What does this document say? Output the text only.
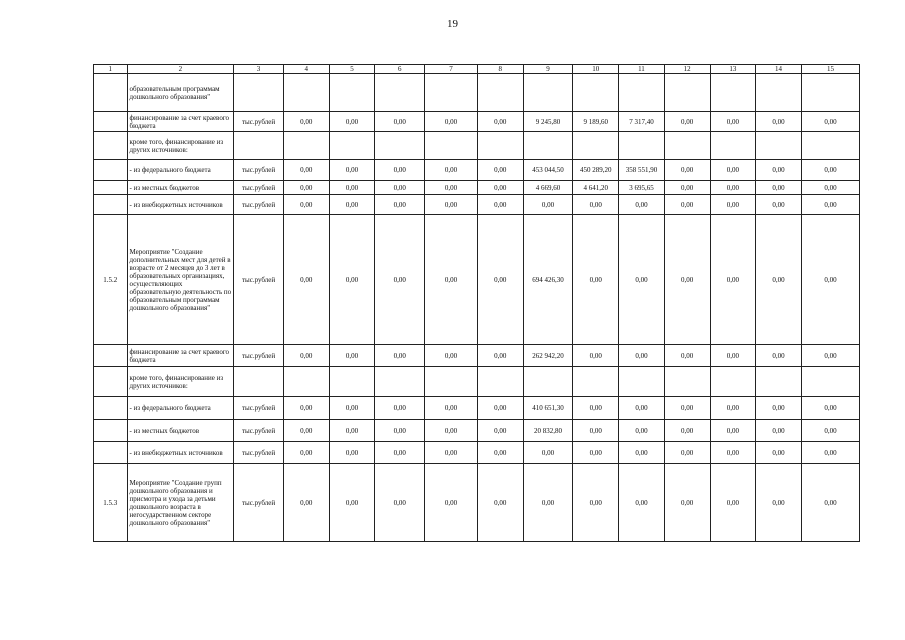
19
1	2	3	4	5	6	7	8	9	10	11	12	13	14	15
	образовательным программам дошкольного образования"													
	финансирование за счет краевого бюджета	тыс.рублей	0,00	0,00	0,00	0,00	0,00	9 245,80	9 189,60	7 317,40	0,00	0,00	0,00	0,00
	кроме того, финансирование из других источников:													
	- из федерального бюджета	тыс.рублей	0,00	0,00	0,00	0,00	0,00	453 044,50	450 289,20	358 551,90	0,00	0,00	0,00	0,00
	- из местных бюджетов	тыс.рублей	0,00	0,00	0,00	0,00	0,00	4 669,60	4 641,20	3 695,65	0,00	0,00	0,00	0,00
	- из внебюджетных источников	тыс.рублей	0,00	0,00	0,00	0,00	0,00	0,00	0,00	0,00	0,00	0,00	0,00	0,00
1.5.2	Мероприятие "Создание дополнительных мест для детей в возрасте от 2 месяцев до 3 лет в образовательных организациях, осуществляющих образовательную деятельность по образовательным программам дошкольного образования"	тыс.рублей	0,00	0,00	0,00	0,00	0,00	694 426,30	0,00	0,00	0,00	0,00	0,00	0,00
	финансирование за счет краевого бюджета	тыс.рублей	0,00	0,00	0,00	0,00	0,00	262 942,20	0,00	0,00	0,00	0,00	0,00	0,00
	кроме того, финансирование из других источников:													
	- из федерального бюджета	тыс.рублей	0,00	0,00	0,00	0,00	0,00	410 651,30	0,00	0,00	0,00	0,00	0,00	0,00
	- из местных бюджетов	тыс.рублей	0,00	0,00	0,00	0,00	0,00	20 832,80	0,00	0,00	0,00	0,00	0,00	0,00
	- из внебюджетных источников	тыс.рублей	0,00	0,00	0,00	0,00	0,00	0,00	0,00	0,00	0,00	0,00	0,00	0,00
1.5.3	Мероприятие "Создание групп дошкольного образования и присмотра и ухода за детьми дошкольного возраста в негосударственном секторе дошкольного образования"	тыс.рублей	0,00	0,00	0,00	0,00	0,00	0,00	0,00	0,00	0,00	0,00	0,00	0,00
